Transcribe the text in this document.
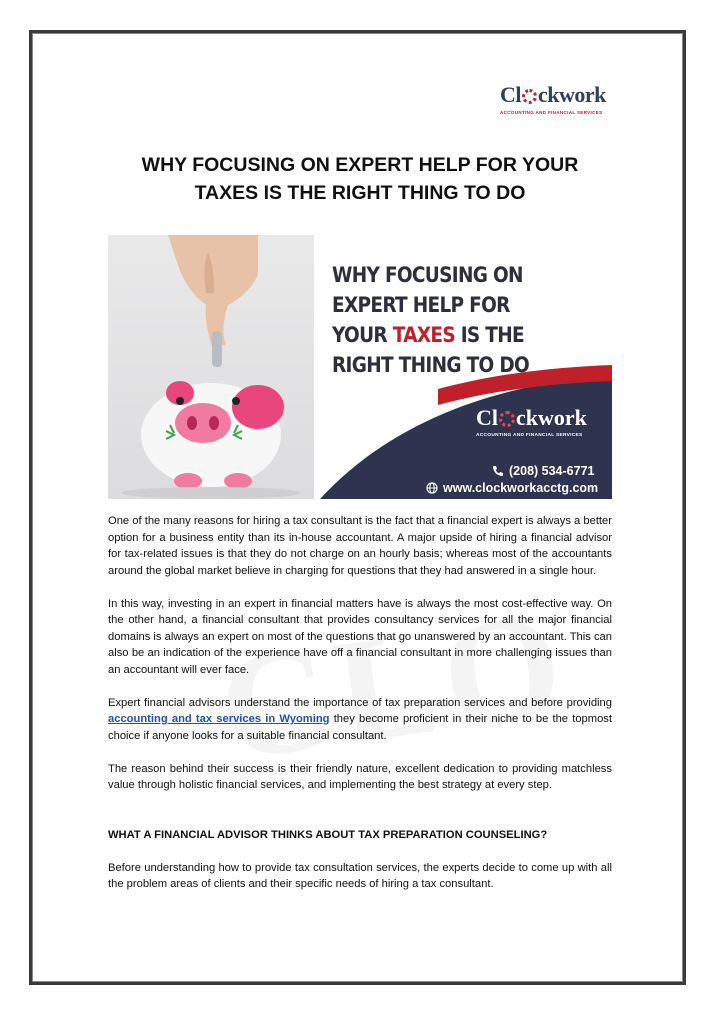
Cl ckwork
ACCOUNTING AND FINANCIAL SERVICES
WHY FOCUSING ON EXPERT HELP FOR YOUR TAXES IS THE RIGHT THING TO DO
WHY FOCUSING ON EXPERT HELP FOR YOUR TAXES IS THE RIGHT THING TO DO
Cl ckwork
ACCOUNTING AND FINANCIAL SERVICES
(208) 534-6771
www.clockworkacctg.com

One of the many reasons for hiring a tax consultant is the fact that a financial expert is always a better option for a business entity than its in-house accountant. A major upside of hiring a financial advisor for tax-related issues is that they do not charge on an hourly basis; whereas most of the accountants around the global market believe in charging for questions that they had answered in a single hour.

In this way, investing in an expert in financial matters have is always the most cost-effective way. On the other hand, a financial consultant that provides consultancy services for all the major financial domains is always an expert on most of the questions that go unanswered by an accountant. This can also be an indication of the experience have off a financial consultant in more challenging issues than an accountant will ever face.

Expert financial advisors understand the importance of tax preparation services and before providing accounting and tax services in Wyoming they become proficient in their niche to be the topmost choice if anyone looks for a suitable financial consultant.

The reason behind their success is their friendly nature, excellent dedication to providing matchless value through holistic financial services, and implementing the best strategy at every step.

WHAT A FINANCIAL ADVISOR THINKS ABOUT TAX PREPARATION COUNSELING?

Before understanding how to provide tax consultation services, the experts decide to come up with all the problem areas of clients and their specific needs of hiring a tax consultant.
